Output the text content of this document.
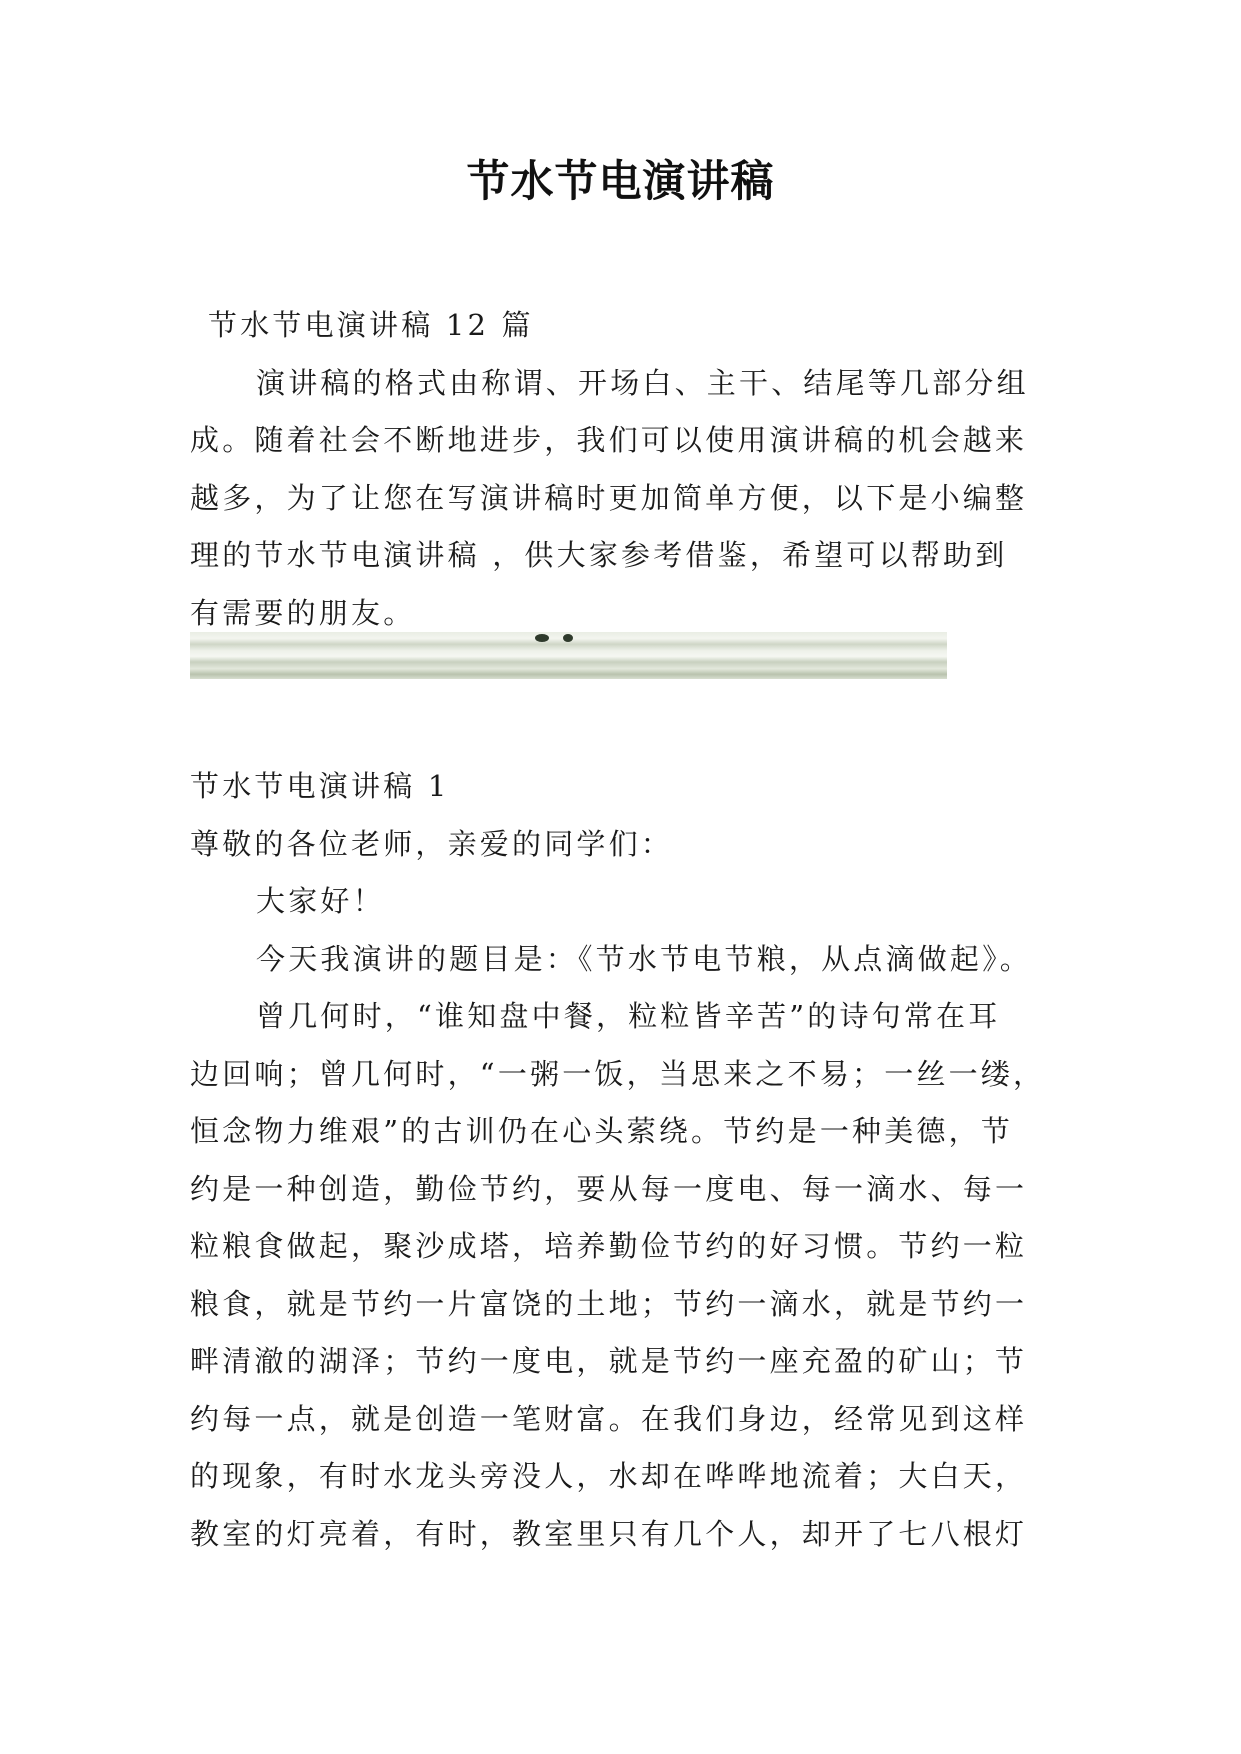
节水节电演讲稿
节水节电演讲稿 12 篇
演讲稿的格式由称谓、开场白、主干、结尾等几部分组
成。随着社会不断地进步，我们可以使用演讲稿的机会越来
越多，为了让您在写演讲稿时更加简单方便，以下是小编整
理的节水节电演讲稿 ，供大家参考借鉴，希望可以帮助到
有需要的朋友。
节水节电演讲稿 1
尊敬的各位老师，亲爱的同学们：
大家好！
今天我演讲的题目是：《节水节电节粮，从点滴做起》。
曾几何时，“谁知盘中餐，粒粒皆辛苦”的诗句常在耳
边回响；曾几何时，“一粥一饭，当思来之不易；一丝一缕，
恒念物力维艰”的古训仍在心头萦绕。节约是一种美德，节
约是一种创造，勤俭节约，要从每一度电、每一滴水、每一
粒粮食做起，聚沙成塔，培养勤俭节约的好习惯。节约一粒
粮食，就是节约一片富饶的土地；节约一滴水，就是节约一
畔清澈的湖泽；节约一度电，就是节约一座充盈的矿山；节
约每一点，就是创造一笔财富。在我们身边，经常见到这样
的现象，有时水龙头旁没人，水却在哗哗地流着；大白天，
教室的灯亮着，有时，教室里只有几个人，却开了七八根灯
